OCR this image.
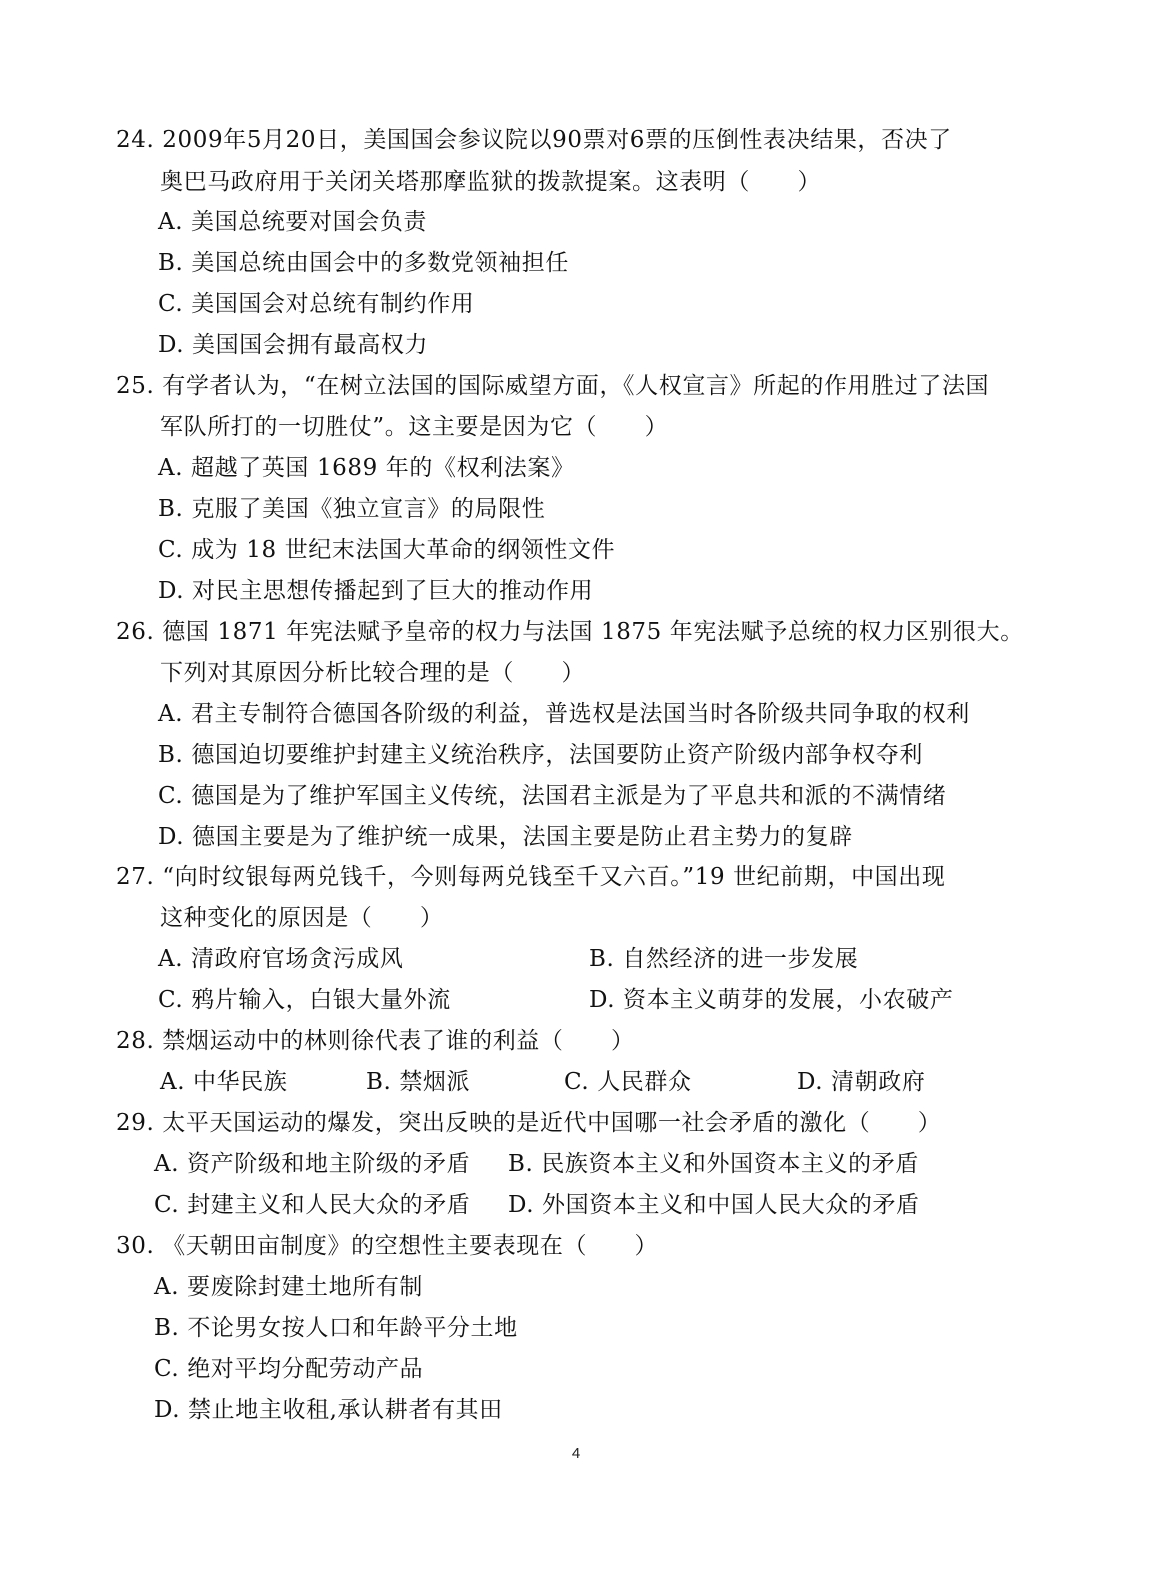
24. 2009年5月20日，美国国会参议院以90票对6票的压倒性表决结果，否决了
奥巴马政府用于关闭关塔那摩监狱的拨款提案。这表明（      ）
A. 美国总统要对国会负责
B. 美国总统由国会中的多数党领袖担任
C. 美国国会对总统有制约作用
D. 美国国会拥有最高权力
25. 有学者认为，“在树立法国的国际威望方面，《人权宣言》所起的作用胜过了法国
军队所打的一切胜仗”。这主要是因为它（      ）
A. 超越了英国 1689 年的《权利法案》
B. 克服了美国《独立宣言》的局限性
C. 成为 18 世纪末法国大革命的纲领性文件
D. 对民主思想传播起到了巨大的推动作用
26. 德国 1871 年宪法赋予皇帝的权力与法国 1875 年宪法赋予总统的权力区别很大。
下列对其原因分析比较合理的是（      ）
A. 君主专制符合德国各阶级的利益，普选权是法国当时各阶级共同争取的权利
B. 德国迫切要维护封建主义统治秩序，法国要防止资产阶级内部争权夺利
C. 德国是为了维护军国主义传统，法国君主派是为了平息共和派的不满情绪
D. 德国主要是为了维护统一成果，法国主要是防止君主势力的复辟
27. “向时纹银每两兑钱千，今则每两兑钱至千又六百。”19 世纪前期，中国出现
这种变化的原因是（      ）
A. 清政府官场贪污成风	B. 自然经济的进一步发展
C. 鸦片输入，白银大量外流	D. 资本主义萌芽的发展，小农破产
28. 禁烟运动中的林则徐代表了谁的利益（      ）
A. 中华民族	B. 禁烟派	C. 人民群众	D. 清朝政府
29. 太平天国运动的爆发，突出反映的是近代中国哪一社会矛盾的激化（      ）
A. 资产阶级和地主阶级的矛盾 B. 民族资本主义和外国资本主义的矛盾
C. 封建主义和人民大众的矛盾 D. 外国资本主义和中国人民大众的矛盾
30. 《天朝田亩制度》的空想性主要表现在（      ）
A. 要废除封建土地所有制
B. 不论男女按人口和年龄平分土地
C. 绝对平均分配劳动产品
D. 禁止地主收租,承认耕者有其田
4
